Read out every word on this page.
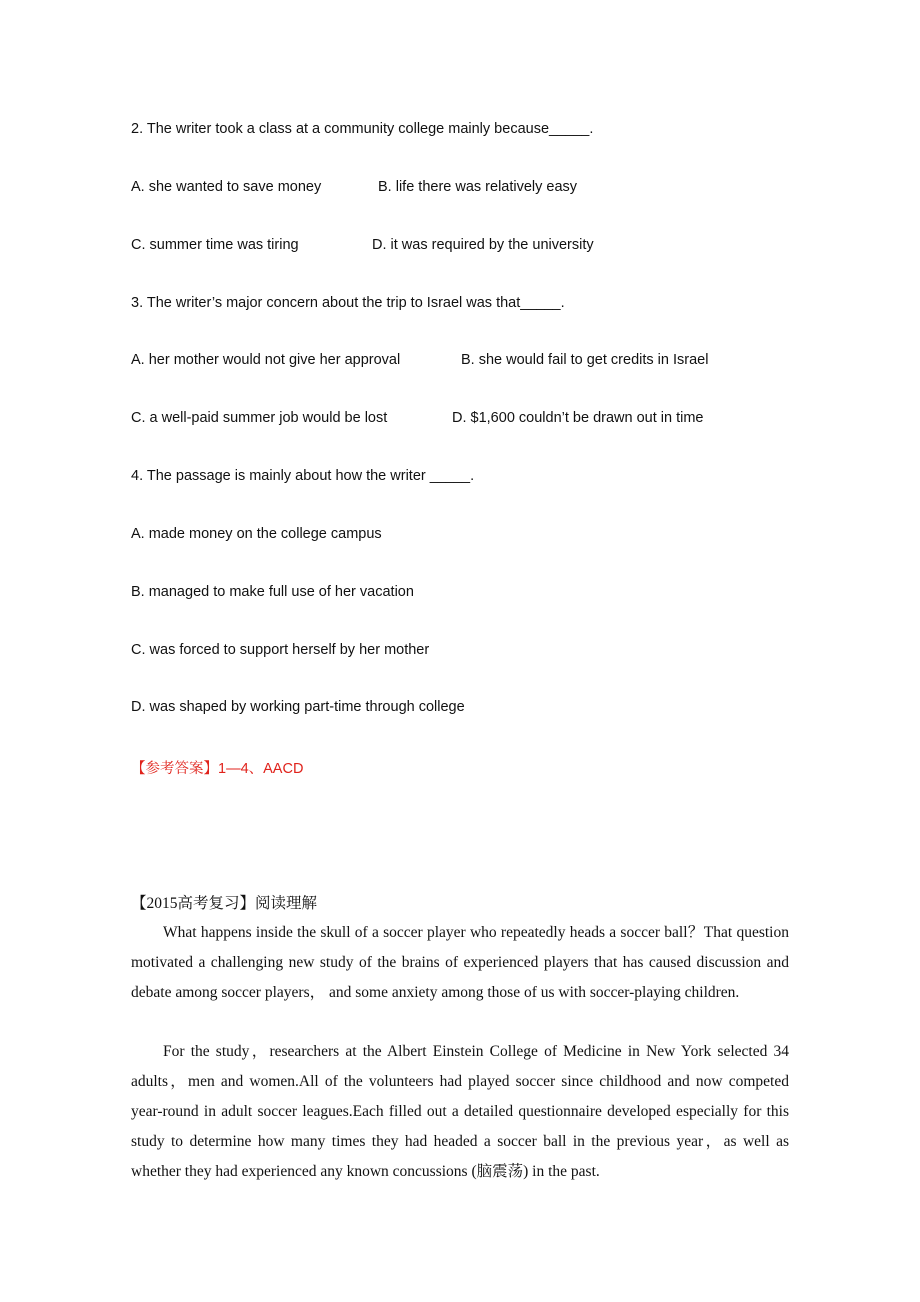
2. The writer took a class at a community college mainly because_____.
A. she wanted to save money	B. life there was relatively easy
C. summer time was tiring	D. it was required by the university
3. The writer’s major concern about the trip to Israel was that_____.
A. her mother would not give her approval	B. she would fail to get credits in Israel
C. a well-paid summer job would be lost	D. $1,600 couldn’t be drawn out in time
4. The passage is mainly about how the writer _____.
A. made money on the college campus
B. managed to make full use of her vacation
C. was forced to support herself by her mother
D. was shaped by working part-time through college
【参考答案】1—4、AACD
【2015高考复习】阅读理解

What happens inside the skull of a soccer player who repeatedly heads a soccer ball？That question motivated a challenging new study of the brains of experienced players that has caused discussion and debate among soccer players， and some anxiety among those of us with soccer-playing children.

For the study，researchers at the Albert Einstein College of Medicine in New York selected 34 adults，men and women.All of the volunteers had played soccer since childhood and now competed year-round in adult soccer leagues.Each filled out a detailed questionnaire developed especially for this study to determine how many times they had headed a soccer ball in the previous year，as well as whether they had experienced any known concussions (脑震荡) in the past.
